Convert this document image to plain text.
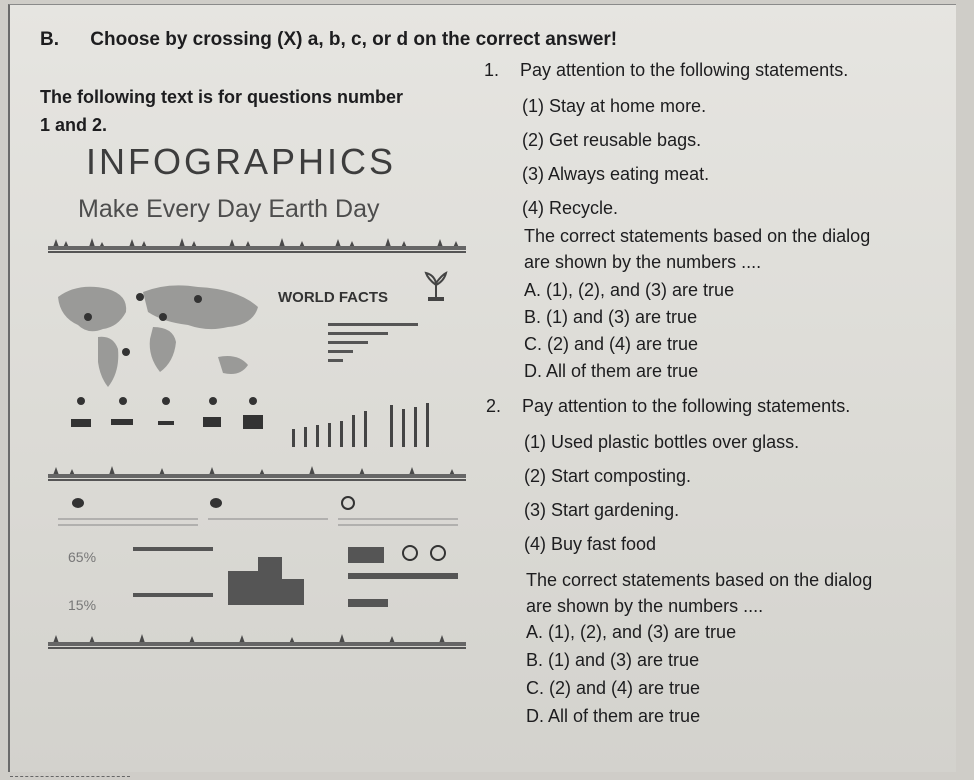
B. Choose by crossing (X) a, b, c, or d on the correct answer!
The following text is for questions number
1 and 2.
INFOGRAPHICS
Make Every Day Earth Day
WORLD FACTS
65%
15%
1. Pay attention to the following statements.
(1) Stay at home more.
(2) Get reusable bags.
(3) Always eating meat.
(4) Recycle.
The correct statements based on the dialog
are shown by the numbers ....
A. (1), (2), and (3) are true
B. (1) and (3) are true
C. (2) and (4) are true
D. All of them are true
2. Pay attention to the following statements.
(1) Used plastic bottles over glass.
(2) Start composting.
(3) Start gardening.
(4) Buy fast food
The correct statements based on the dialog
are shown by the numbers ....
A. (1), (2), and (3) are true
B. (1) and (3) are true
C. (2) and (4) are true
D. All of them are true
